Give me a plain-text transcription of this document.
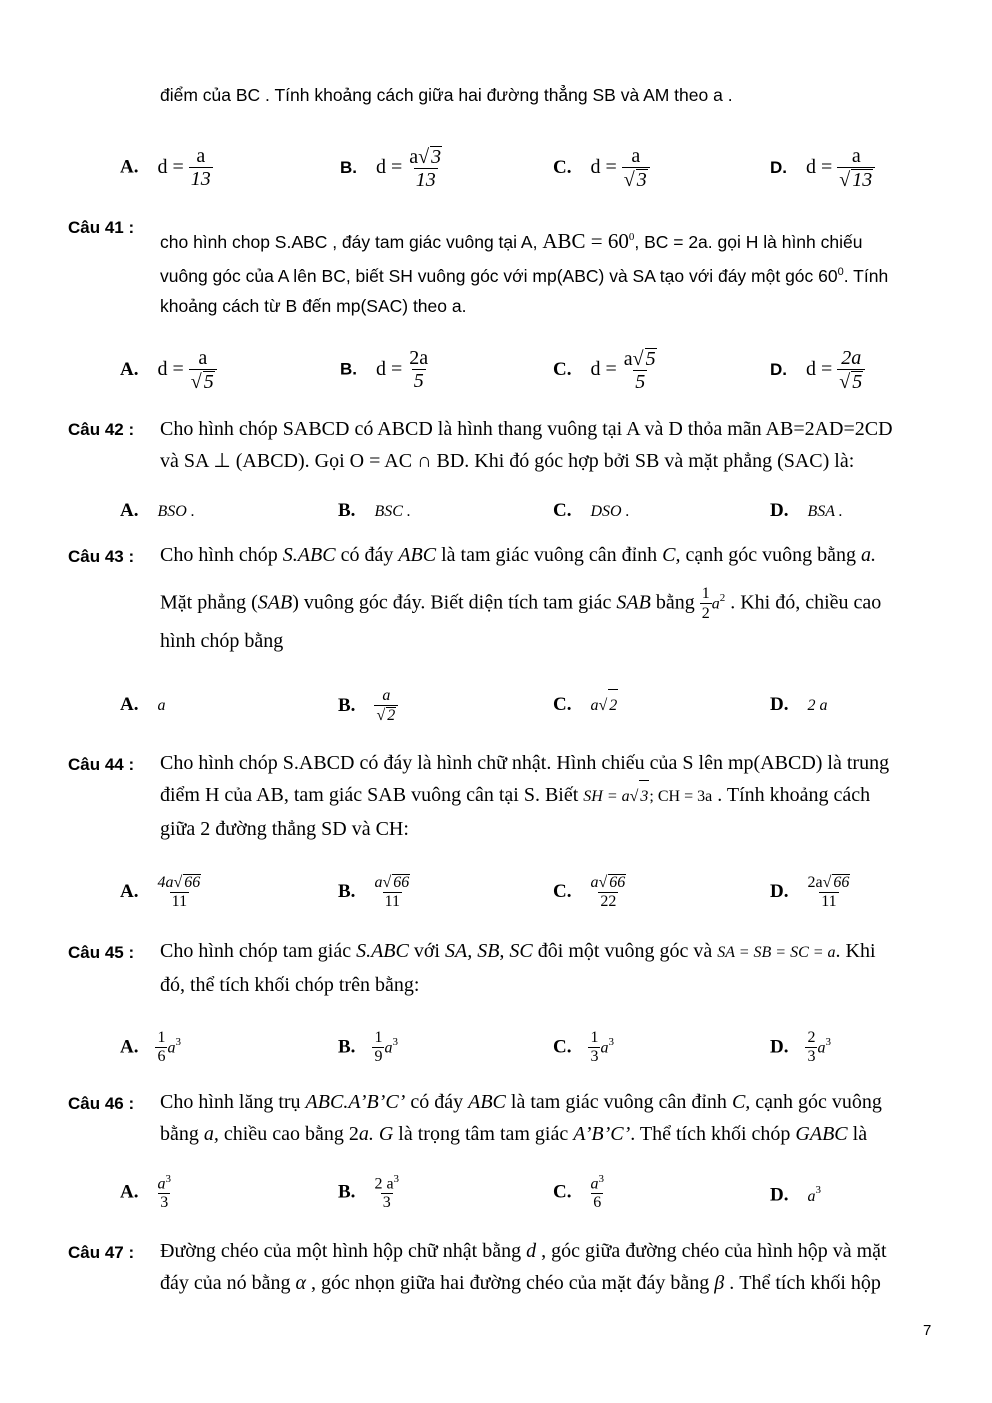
điểm của BC . Tính khoảng cách giữa hai đường thẳng SB và AM theo a .
A. $d = \frac{a}{13}$	B. $d = \frac{a√ 3}{13}$	C. $d = \frac{a}{√ 3}$	D. $d = \frac{a}{√ 13}$
Câu 41 :
cho hình chop S.ABC , đáy tam giác vuông tại A, ABC = $60^0$, BC = 2a. gọi H là hình chiếu
vuông góc của A lên BC, biết SH vuông góc với mp(ABC) và SA tạo với đáy một góc $60^0$. Tính
khoảng cách từ B đến mp(SAC) theo a.
A. $d = \frac{a}{√ 5}$	B. $d = \frac{2a}{5}$	C. $d = \frac{a√ 5}{5}$	D. $d = \frac{2a}{√ 5}$
Câu 42 : Cho hình chóp SABCD có ABCD là hình thang vuông tại A và D thỏa mãn AB=2AD=2CD
và SA ⊥ (ABCD). Gọi O = AC ∩ BD. Khi đó góc hợp bởi SB và mặt phẳng (SAC) là:
A. BSO .	B. BSC .	C. DSO .	D. BSA .
Câu 43 : Cho hình chóp S.ABC có đáy ABC là tam giác vuông cân đỉnh C, cạnh góc vuông bằng a.
Mặt phẳng (SAB) vuông góc đáy. Biết diện tích tam giác SAB bằng $\frac{1}{2} a^2$ . Khi đó, chiều cao
hình chóp bằng
A. a	B. $\frac{a}{√ 2}$	C. a√ 2	D. 2 a
Câu 44 : Cho hình chóp S.ABCD có đáy là hình chữ nhật. Hình chiếu của S lên mp(ABCD) là trung
điểm H của AB, tam giác SAB vuông cân tại S. Biết SH = a√ 3; CH = 3a . Tính khoảng cách
giữa 2 đường thẳng SD và CH:
A. $\frac{4a√ 66}{11}$	B. $\frac{a√ 66}{11}$	C. $\frac{a√ 66}{22}$	D. $\frac{2a√ 66}{11}$
Câu 45 : Cho hình chóp tam giác S.ABC với SA, SB, SC đôi một vuông góc và SA = SB = SC = a. Khi
đó, thể tích khối chóp trên bằng:
A. $\frac{1}{6} a^3$	B. $\frac{1}{9} a^3$	C. $\frac{1}{3} a^3$	D. $\frac{2}{3} a^3$
Câu 46 : Cho hình lăng trụ ABC.A’B’C’ có đáy ABC là tam giác vuông cân đỉnh C, cạnh góc vuông
bằng a, chiều cao bằng 2a. G là trọng tâm tam giác A’B’C’. Thể tích khối chóp GABC là
A. $\frac{a^3}{3}$	B. $\frac{2 a^3}{3}$	C. $\frac{a^3}{6}$	D. $a^3$
Câu 47 : Đường chéo của một hình hộp chữ nhật bằng d , góc giữa đường chéo của hình hộp và mặt
đáy của nó bằng α , góc nhọn giữa hai đường chéo của mặt đáy bằng β . Thể tích khối hộp
7
